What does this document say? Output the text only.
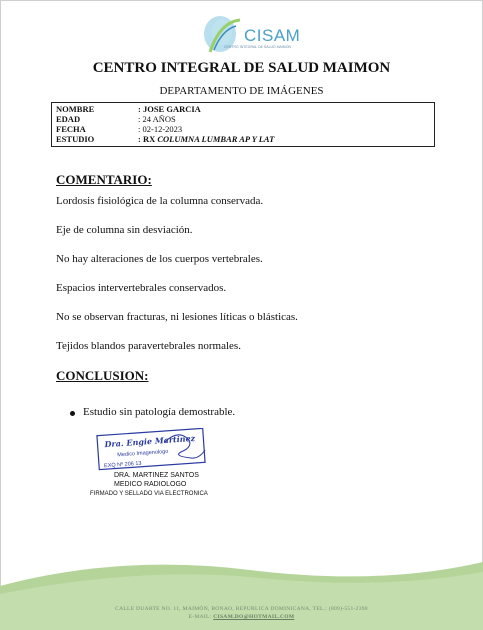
CISAM
CENTRO INTEGRAL DE SALUD MAIMON
CENTRO INTEGRAL DE SALUD MAIMON
DEPARTAMENTO DE IMÁGENES
NOMBRE	: JOSE GARCIA
EDAD	: 24 AÑOS
FECHA	: 02-12-2023
ESTUDIO	: RX COLUMNA LUMBAR AP Y LAT
COMENTARIO:
Lordosis fisiológica de la columna conservada.
Eje de columna sin desviación.
No hay alteraciones de los cuerpos vertebrales.
Espacios intervertebrales conservados.
No se observan fracturas, ni lesiones líticas o blásticas.
Tejidos blandos paravertebrales normales.
CONCLUSION:
Estudio sin patología demostrable.
Dra. Engie Martinez
Medico Imagenologo
EXQ Nº 206 13
DRA. MARTINEZ SANTOS
MEDICO RADIOLOGO
FIRMADO Y SELLADO VIA ELECTRONICA
CALLE DUARTE NO. 11, MAIMÓN, BONAO, REPUBLICA DOMINICANA, TEL.: (809)-551-2390
E-MAIL: CISAM.DO@HOTMAIL.COM
